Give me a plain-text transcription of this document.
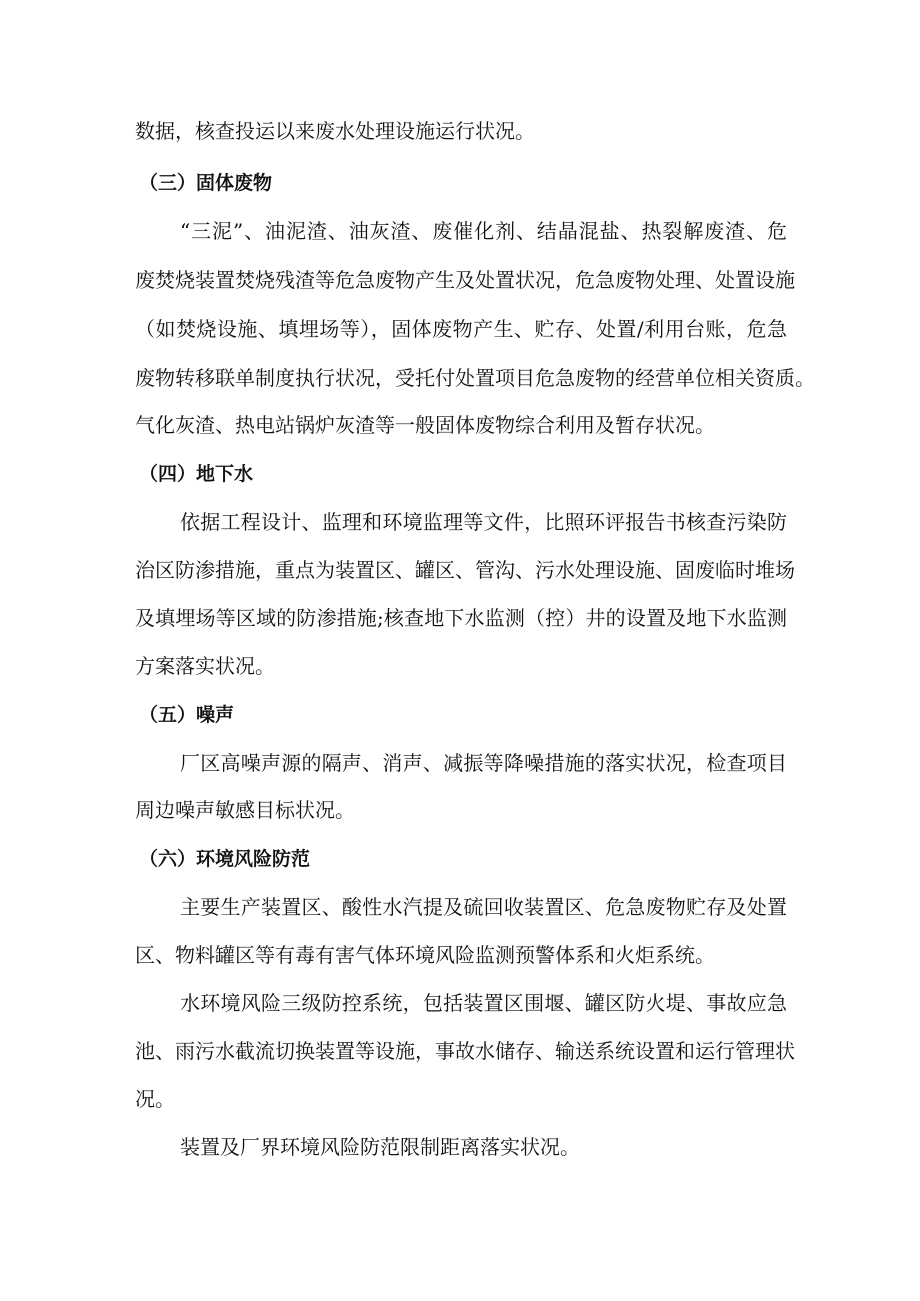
数据，核查投运以来废水处理设施运行状况。
（三）固体废物
“三泥”、油泥渣、油灰渣、废催化剂、结晶混盐、热裂解废渣、危
废焚烧装置焚烧残渣等危急废物产生及处置状况，危急废物处理、处置设施
（如焚烧设施、填埋场等），固体废物产生、贮存、处置/利用台账，危急
废物转移联单制度执行状况，受托付处置项目危急废物的经营单位相关资质。
气化灰渣、热电站锅炉灰渣等一般固体废物综合利用及暂存状况。
（四）地下水
依据工程设计、监理和环境监理等文件，比照环评报告书核查污染防
治区防渗措施，重点为装置区、罐区、管沟、污水处理设施、固废临时堆场
及填埋场等区域的防渗措施;核查地下水监测（控）井的设置及地下水监测
方案落实状况。
（五）噪声
厂区高噪声源的隔声、消声、减振等降噪措施的落实状况，检查项目
周边噪声敏感目标状况。
（六）环境风险防范
主要生产装置区、酸性水汽提及硫回收装置区、危急废物贮存及处置
区、物料罐区等有毒有害气体环境风险监测预警体系和火炬系统。
水环境风险三级防控系统，包括装置区围堰、罐区防火堤、事故应急
池、雨污水截流切换装置等设施，事故水储存、输送系统设置和运行管理状
况。
装置及厂界环境风险防范限制距离落实状况。
